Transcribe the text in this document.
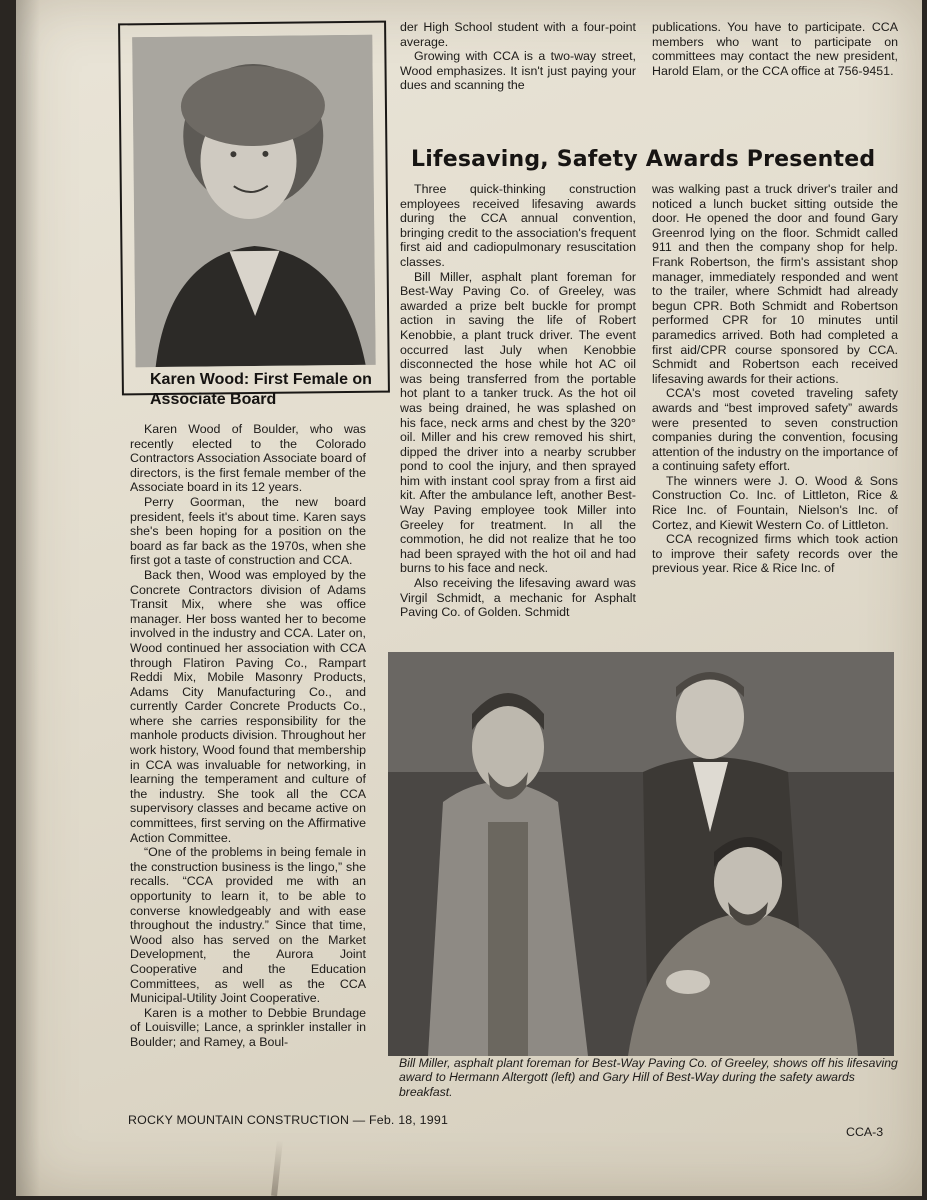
Karen Wood: First Female on Associate Board

Karen Wood of Boulder, who was recently elected to the Colorado Contractors Association Associate board of directors, is the first female member of the Associate board in its 12 years.

Perry Goorman, the new board president, feels it's about time. Karen says she's been hoping for a position on the board as far back as the 1970s, when she first got a taste of construction and CCA.

Back then, Wood was employed by the Concrete Contractors division of Adams Transit Mix, where she was office manager. Her boss wanted her to become involved in the industry and CCA. Later on, Wood continued her association with CCA through Flatiron Paving Co., Rampart Reddi Mix, Mobile Masonry Products, Adams City Manufacturing Co., and currently Carder Concrete Products Co., where she carries responsibility for the manhole products division. Throughout her work history, Wood found that membership in CCA was invaluable for networking, in learning the temperament and culture of the industry. She took all the CCA supervisory classes and became active on committees, first serving on the Affirmative Action Committee.

“One of the problems in being female in the construction business is the lingo,” she recalls. “CCA provided me with an opportunity to learn it, to be able to converse knowledgeably and with ease throughout the industry.” Since that time, Wood also has served on the Market Development, the Aurora Joint Cooperative and the Education Committees, as well as the CCA Municipal-Utility Joint Cooperative.

Karen is a mother to Debbie Brundage of Louisville; Lance, a sprinkler installer in Boulder; and Ramey, a Boul-

der High School student with a four-point average.

Growing with CCA is a two-way street, Wood emphasizes. It isn't just paying your dues and scanning the

publications. You have to participate. CCA members who want to participate on committees may contact the new president, Harold Elam, or the CCA office at 756-9451.

Lifesaving, Safety Awards Presented

Three quick-thinking construction employees received lifesaving awards during the CCA annual convention, bringing credit to the association's frequent first aid and cadiopulmonary resuscitation classes.

Bill Miller, asphalt plant foreman for Best-Way Paving Co. of Greeley, was awarded a prize belt buckle for prompt action in saving the life of Robert Kenobbie, a plant truck driver. The event occurred last July when Kenobbie disconnected the hose while hot AC oil was being transferred from the portable hot plant to a tanker truck. As the hot oil was being drained, he was splashed on his face, neck arms and chest by the 320° oil. Miller and his crew removed his shirt, dipped the driver into a nearby scrubber pond to cool the injury, and then sprayed him with instant cool spray from a first aid kit. After the ambulance left, another Best-Way Paving employee took Miller into Greeley for treatment. In all the commotion, he did not realize that he too had been sprayed with the hot oil and had burns to his face and neck.

Also receiving the lifesaving award was Virgil Schmidt, a mechanic for Asphalt Paving Co. of Golden. Schmidt

was walking past a truck driver's trailer and noticed a lunch bucket sitting outside the door. He opened the door and found Gary Greenrod lying on the floor. Schmidt called 911 and then the company shop for help. Frank Robertson, the firm's assistant shop manager, immediately responded and went to the trailer, where Schmidt had already begun CPR. Both Schmidt and Robertson performed CPR for 10 minutes until paramedics arrived. Both had completed a first aid/CPR course sponsored by CCA. Schmidt and Robertson each received lifesaving awards for their actions.

CCA's most coveted traveling safety awards and “best improved safety” awards were presented to seven construction companies during the convention, focusing attention of the industry on the importance of a continuing safety effort.

The winners were J. O. Wood & Sons Construction Co. Inc. of Littleton, Rice & Rice Inc. of Fountain, Nielson's Inc. of Cortez, and Kiewit Western Co. of Littleton.

CCA recognized firms which took action to improve their safety records over the previous year. Rice & Rice Inc. of

Bill Miller, asphalt plant foreman for Best-Way Paving Co. of Greeley, shows off his lifesaving award to Hermann Altergott (left) and Gary Hill of Best-Way during the safety awards breakfast.
ROCKY MOUNTAIN CONSTRUCTION — Feb. 18, 1991
CCA-3
